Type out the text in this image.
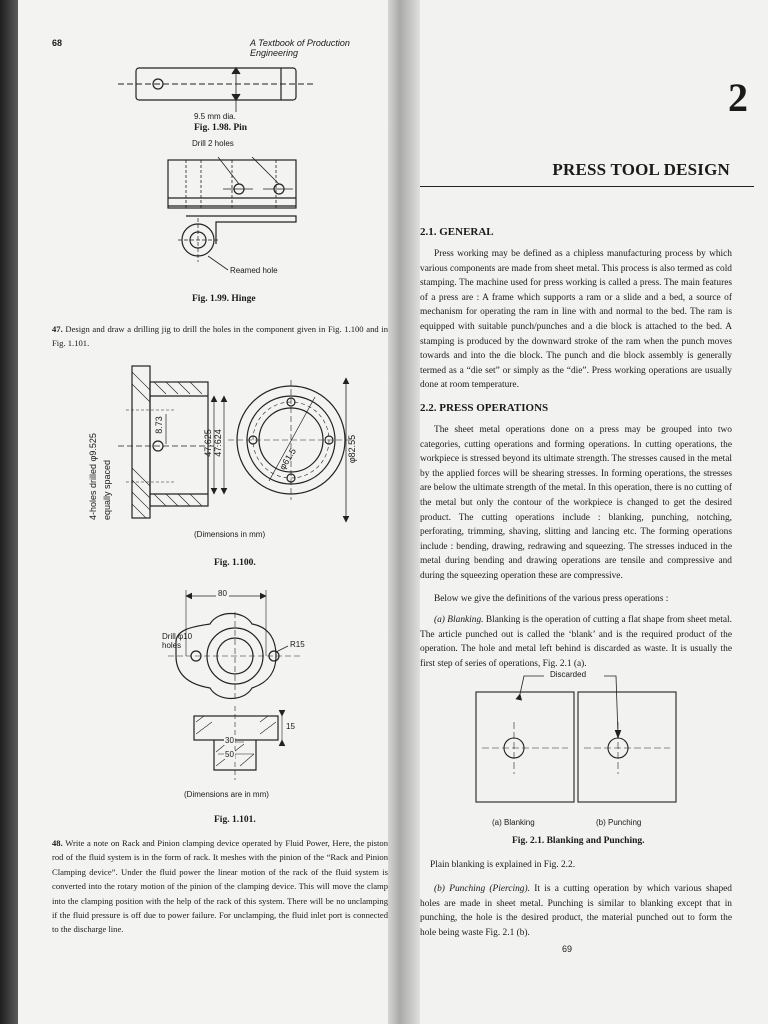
68	A Textbook of Production Engineering
9.5 mm dia.
Fig. 1.98. Pin
Drill 2 holes
Reamed hole
Fig. 1.99. Hinge
47. Design and draw a drilling jig to drill the holes in the component given in Fig. 1.100 and in Fig. 1.101.
4-holes drilled φ9.525 equally spaced
8.73
47.625 47.624
φ61.5	φ82.55
(Dimensions in mm)
Fig. 1.100.
80
Drill φ10
holes	R15
15
30
50
(Dimensions are in mm)
Fig. 1.101.
48. Write a note on Rack and Pinion clamping device operated by Fluid Power, Here, the piston rod of the fluid system is in the form of rack. It meshes with the pinion of the “Rack and Pinion Clamping device”. Under the fluid power the linear motion of the rack of the fluid system is converted into the rotary motion of the pinion of the clamping device. This will move the clamp into the clamping position with the help of the rack of this system. There will be no unclamping if the fluid pressure is off due to power failure. For unclamping, the fluid inlet port is connected to the discharge line.
2
PRESS TOOL DESIGN
2.1. GENERAL
Press working may be defined as a chipless manufacturing process by which various components are made from sheet metal. This process is also termed as cold stamping. The machine used for press working is called a press. The main features of a press are : A frame which supports a ram or a slide and a bed, a source of mechanism for operating the ram in line with and normal to the bed. The ram is equipped with suitable punch/punches and a die block is attached to the bed. A stamping is produced by the downward stroke of the ram when the punch moves towards and into the die block. The punch and die block assembly is generally termed as a “die set” or simply as the “die”. Press working operations are usually done at room temperature.
2.2. PRESS OPERATIONS
The sheet metal operations done on a press may be grouped into two categories, cutting operations and forming operations. In cutting operations, the workpiece is stressed beyond its ultimate strength. The stresses caused in the metal by the applied forces will be shearing stresses. In forming operations, the stresses are below the ultimate strength of the metal. In this operation, there is no cutting of the metal but only the contour of the workpiece is changed to get the desired product. The cutting operations include : blanking, punching, notching, perforating, trimming, shaving, slitting and lancing etc. The forming operations include : bending, drawing, redrawing and squeezing. The stresses induced in the metal during bending and drawing operations are tensile and compressive and during the squeezing operation these are compressive.
Below we give the definitions of the various press operations :
(a) Blanking. Blanking is the operation of cutting a flat shape from sheet metal. The article punched out is called the ‘blank’ and is the required product of the operation. The hole and metal left behind is discarded as waste. It is usually the first step of series of operations, Fig. 2.1 (a).
Discarded
(a) Blanking	(b) Punching
Fig. 2.1. Blanking and Punching.
Plain blanking is explained in Fig. 2.2.
(b) Punching (Piercing). It is a cutting operation by which various shaped holes are made in sheet metal. Punching is similar to blanking except that in punching, the hole is the desired product, the material punched out to form the hole being waste Fig. 2.1 (b).
69
